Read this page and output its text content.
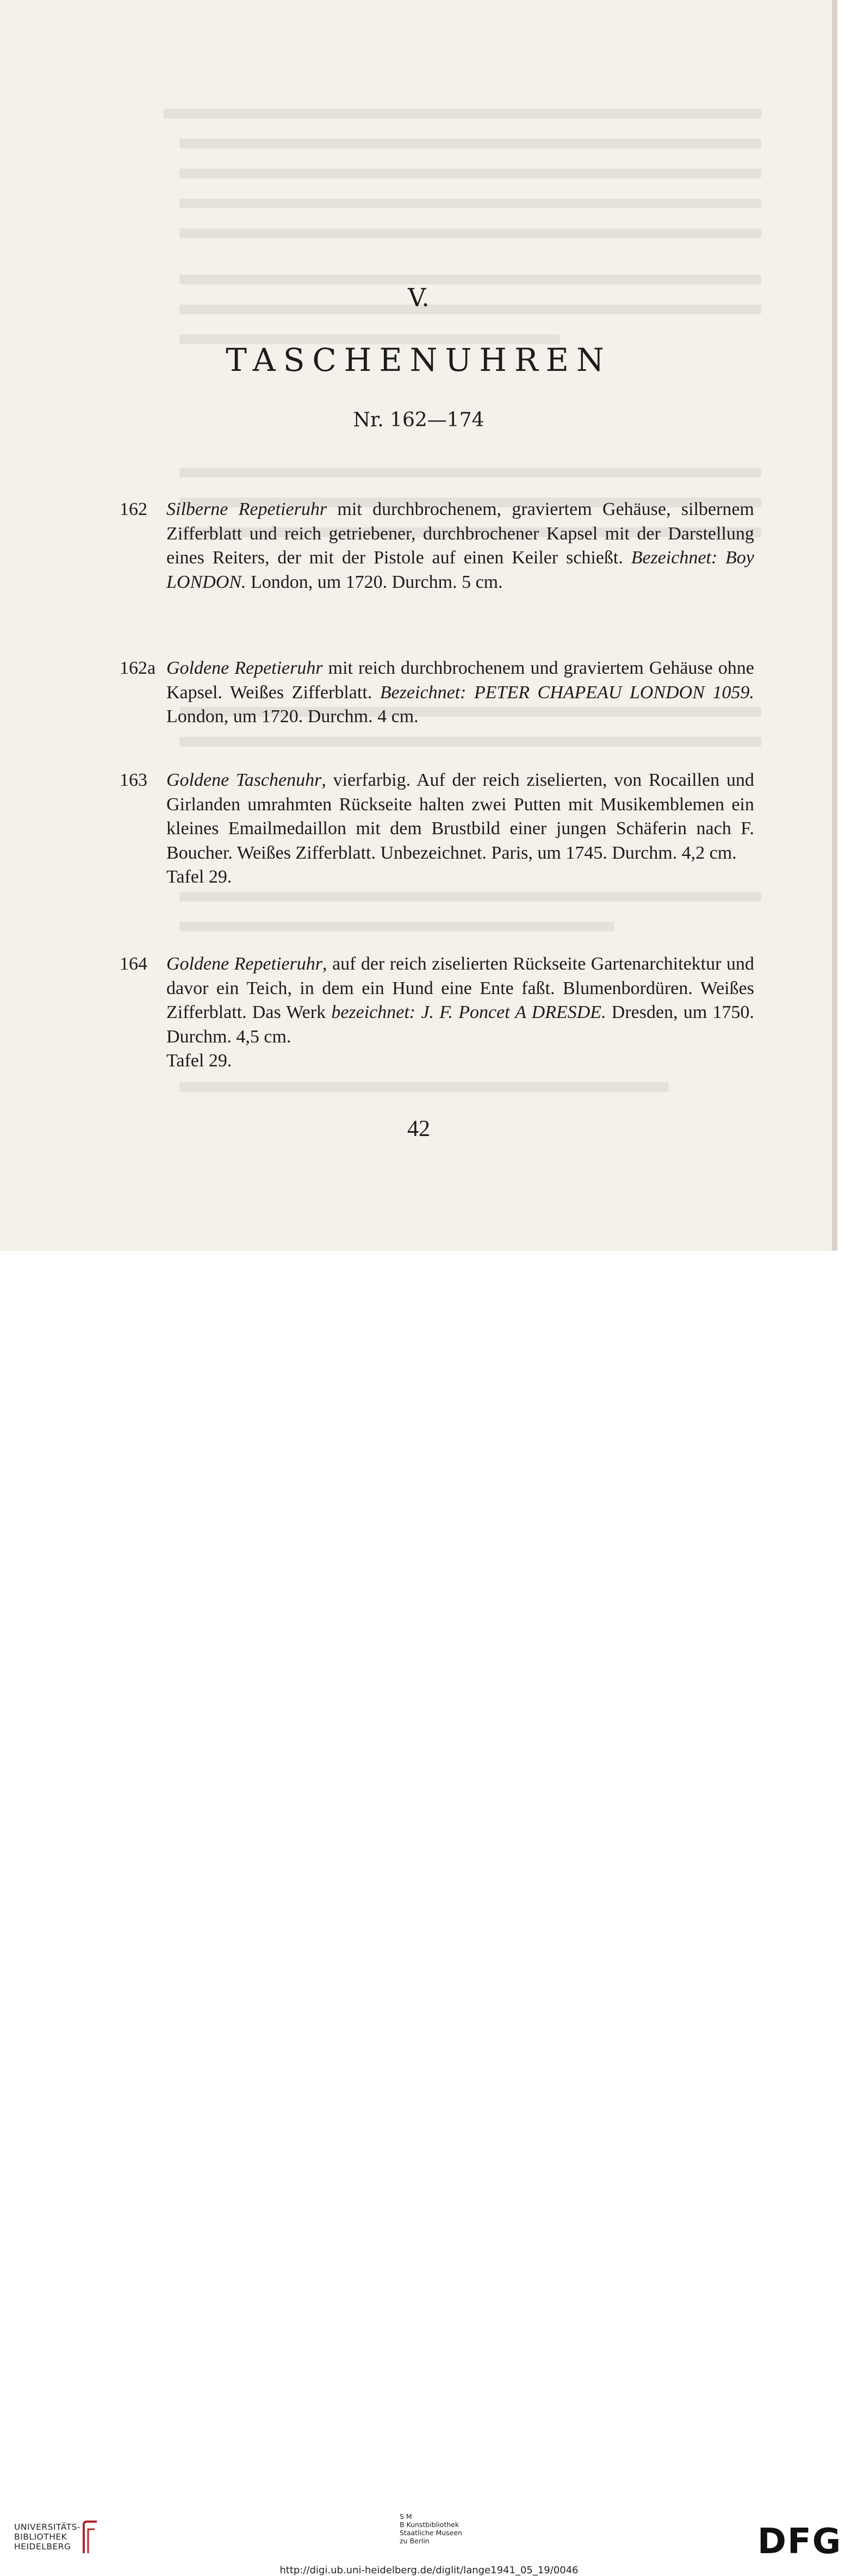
V.
TASCHENUHREN
Nr. 162—174
162 Silberne Repetieruhr mit durchbrochenem, graviertem Gehäuse, silbernem Zifferblatt und reich getriebener, durchbrochener Kapsel mit der Darstellung eines Reiters, der mit der Pistole auf einen Keiler schießt. Bezeichnet: Boy LONDON. London, um 1720. Durchm. 5 cm.
162a Goldene Repetieruhr mit reich durchbrochenem und graviertem Gehäuse ohne Kapsel. Weißes Zifferblatt. Bezeichnet: PETER CHAPEAU LONDON 1059. London, um 1720. Durchm. 4 cm.
163 Goldene Taschenuhr, vierfarbig. Auf der reich ziselierten, von Rocaillen und Girlanden umrahmten Rückseite halten zwei Putten mit Musikemblemen ein kleines Emailmedaillon mit dem Brustbild einer jungen Schäferin nach F. Boucher. Weißes Zifferblatt. Unbezeichnet. Paris, um 1745. Durchm. 4,2 cm.
Tafel 29.
164 Goldene Repetieruhr, auf der reich ziselierten Rückseite Gartenarchitektur und davor ein Teich, in dem ein Hund eine Ente faßt. Blumenbordüren. Weißes Zifferblatt. Das Werk bezeichnet: J. F. Poncet A DRESDE. Dresden, um 1750. Durchm. 4,5 cm.
Tafel 29.
42
UNIVERSITÄTS-
BIBLIOTHEK
HEIDELBERG
S M
B Kunstbibliothek
Staatliche Museen
zu Berlin	DFG
http://digi.ub.uni-heidelberg.de/diglit/lange1941_05_19/0046
